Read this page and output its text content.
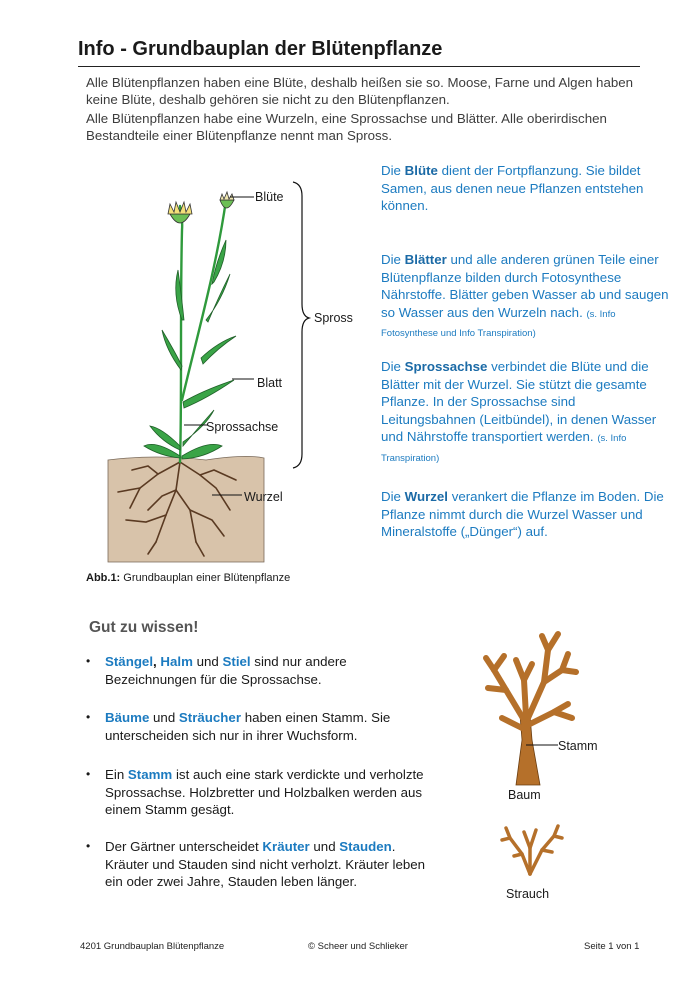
Info - Grundbauplan der Blütenpflanze
Alle Blütenpflanzen haben eine Blüte, deshalb heißen sie so. Moose, Farne und Algen haben keine Blüte, deshalb gehören sie nicht zu den Blütenpflanzen.
Alle Blütenpflanzen habe eine Wurzeln, eine Sprossachse und Blätter. Alle oberirdischen Bestandteile einer Blütenpflanze nennt man Spross.
Blüte
Blatt
Sprossachse
Wurzel
Spross
Abb.1: Grundbauplan einer Blütenpflanze
Die Blüte dient der Fortpflanzung. Sie bildet Samen, aus denen neue Pflanzen entstehen können.
Die Blätter und alle anderen grünen Teile einer Blütenpflanze bilden durch Fotosynthese Nährstoffe. Blätter geben Wasser ab und saugen so Wasser aus den Wurzeln nach. (s. Info Fotosynthese und Info Transpiration)
Die Sprossachse verbindet die Blüte und die Blätter mit der Wurzel. Sie stützt die gesamte Pflanze. In der Sprossachse sind Leitungsbahnen (Leitbündel), in denen Wasser und Nährstoffe transportiert werden. (s. Info Transpiration)
Die Wurzel verankert die Pflanze im Boden. Die Pflanze nimmt durch die Wurzel Wasser und Mineralstoffe („Dünger“) auf.
Gut zu wissen!
• Stängel, Halm und Stiel sind nur andere Bezeichnungen für die Sprossachse.
• Bäume und Sträucher haben einen Stamm. Sie unterscheiden sich nur in ihrer Wuchsform.
• Ein Stamm ist auch eine stark verdickte und verholzte Sprossachse. Holzbretter und Holzbalken werden aus einem Stamm gesägt.
• Der Gärtner unterscheidet Kräuter und Stauden. Kräuter und Stauden sind nicht verholzt. Kräuter leben ein oder zwei Jahre, Stauden leben länger.
Stamm
Baum
Strauch
4201 Grundbauplan Blütenpflanze	© Scheer und Schlieker	Seite 1 von 1
